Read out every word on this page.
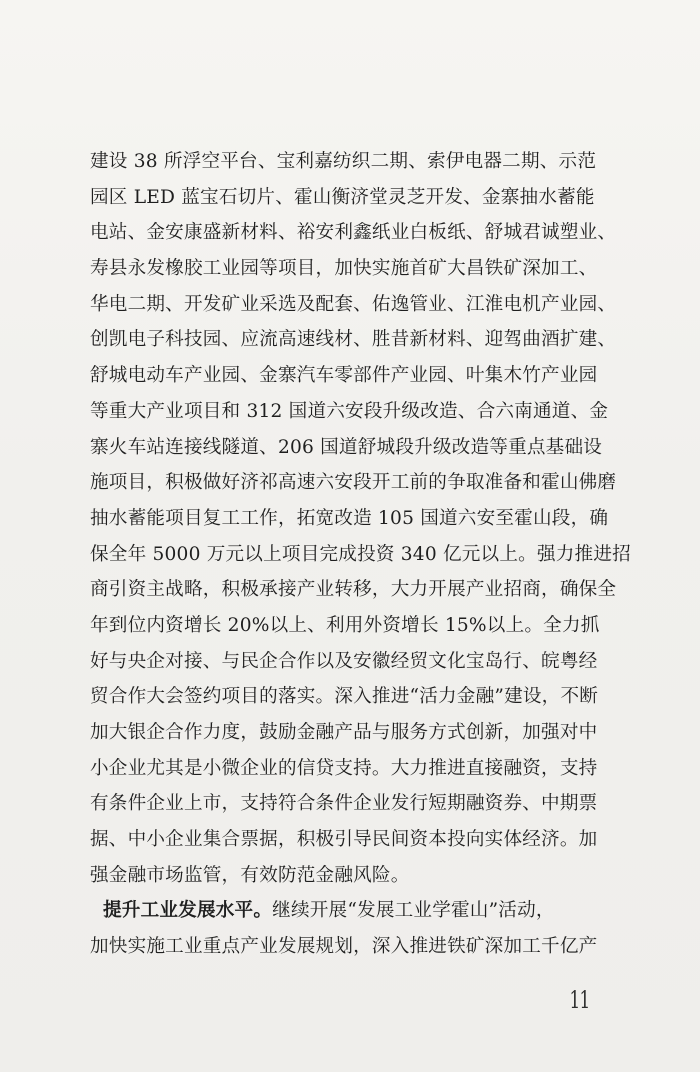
建设 38 所浮空平台、宝利嘉纺织二期、索伊电器二期、示范
园区 LED 蓝宝石切片、霍山衡济堂灵芝开发、金寨抽水蓄能
电站、金安康盛新材料、裕安利鑫纸业白板纸、舒城君诚塑业、
寿县永发橡胶工业园等项目，加快实施首矿大昌铁矿深加工、
华电二期、开发矿业采选及配套、佑逸管业、江淮电机产业园、
创凯电子科技园、应流高速线材、胜昔新材料、迎驾曲酒扩建、
舒城电动车产业园、金寨汽车零部件产业园、叶集木竹产业园
等重大产业项目和 312 国道六安段升级改造、合六南通道、金
寨火车站连接线隧道、206 国道舒城段升级改造等重点基础设
施项目，积极做好济祁高速六安段开工前的争取准备和霍山佛磨
抽水蓄能项目复工工作，拓宽改造 105 国道六安至霍山段，确
保全年 5000 万元以上项目完成投资 340 亿元以上。强力推进招
商引资主战略，积极承接产业转移，大力开展产业招商，确保全
年到位内资增长 20%以上、利用外资增长 15%以上。全力抓
好与央企对接、与民企合作以及安徽经贸文化宝岛行、皖粤经
贸合作大会签约项目的落实。深入推进“活力金融”建设，不断
加大银企合作力度，鼓励金融产品与服务方式创新，加强对中
小企业尤其是小微企业的信贷支持。大力推进直接融资，支持
有条件企业上市，支持符合条件企业发行短期融资券、中期票
据、中小企业集合票据，积极引导民间资本投向实体经济。加
强金融市场监管，有效防范金融风险。
提升工业发展水平。继续开展“发展工业学霍山”活动，
加快实施工业重点产业发展规划，深入推进铁矿深加工千亿产
11
